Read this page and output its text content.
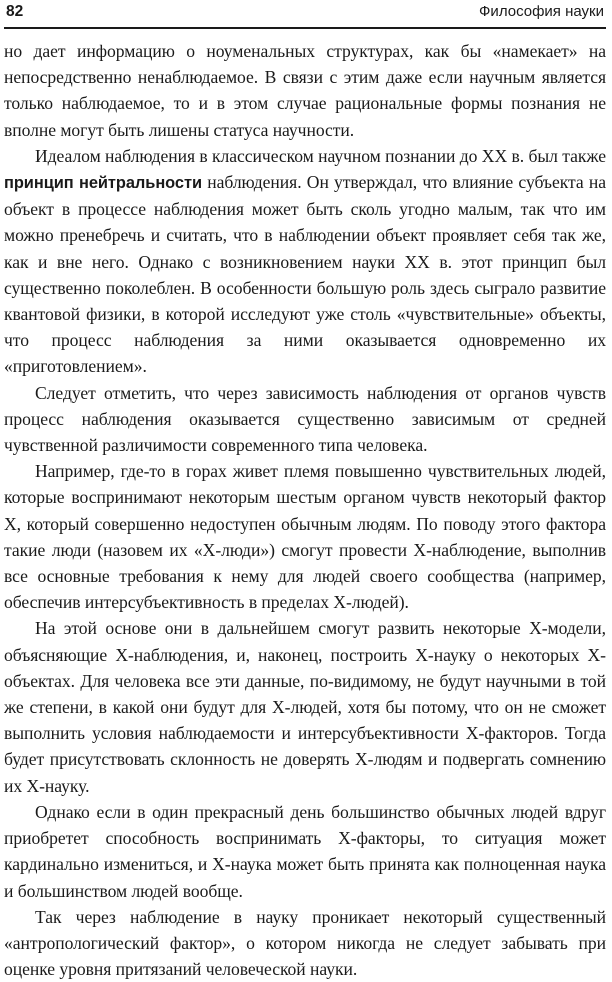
82	Философия науки

но дает информацию о ноуменальных структурах, как бы «намекает» на непосредственно ненаблюдаемое. В связи с этим даже если научным является только наблюдаемое, то и в этом случае рациональные формы познания не вполне могут быть лишены статуса научности.

Идеалом наблюдения в классическом научном познании до XX в. был также принцип нейтральности наблюдения. Он утверждал, что влияние субъекта на объект в процессе наблюдения может быть сколь угодно малым, так что им можно пренебречь и считать, что в наблюдении объект проявляет себя так же, как и вне него. Однако с возникновением науки XX в. этот принцип был существенно поколеблен. В особенности большую роль здесь сыграло развитие квантовой физики, в которой исследуют уже столь «чувствительные» объекты, что процесс наблюдения за ними оказывается одновременно их «приготовлением».

Следует отметить, что через зависимость наблюдения от органов чувств процесс наблюдения оказывается существенно зависимым от средней чувственной различимости современного типа человека.

Например, где-то в горах живет племя повышенно чувствительных людей, которые воспринимают некоторым шестым органом чувств некоторый фактор Х, который совершенно недоступен обычным людям. По поводу этого фактора такие люди (назовем их «Х-люди») смогут провести Х-наблюдение, выполнив все основные требования к нему для людей своего сообщества (например, обеспечив интерсубъективность в пределах Х-людей).

На этой основе они в дальнейшем смогут развить некоторые Х-модели, объясняющие Х-наблюдения, и, наконец, построить Х-науку о некоторых Х-объектах. Для человека все эти данные, по-видимому, не будут научными в той же степени, в какой они будут для Х-людей, хотя бы потому, что он не сможет выполнить условия наблюдаемости и интерсубъективности Х-факторов. Тогда будет присутствовать склонность не доверять Х-людям и подвергать сомнению их Х-науку.

Однако если в один прекрасный день большинство обычных людей вдруг приобретет способность воспринимать Х-факторы, то ситуация может кардинально измениться, и Х-наука может быть принята как полноценная наука и большинством людей вообще.

Так через наблюдение в науку проникает некоторый существенный «антропологический фактор», о котором никогда не следует забывать при оценке уровня притязаний человеческой науки.
